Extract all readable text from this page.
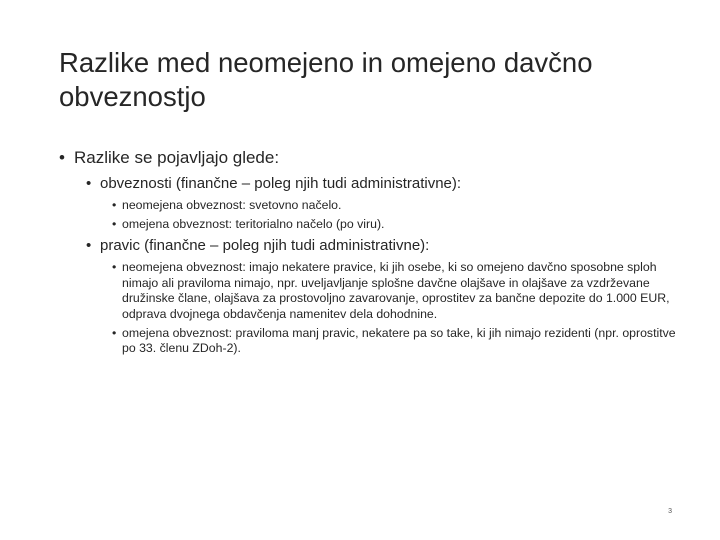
Razlike med neomejeno in omejeno davčno obveznostjo
• Razlike se pojavljajo glede:
• obveznosti (finančne – poleg njih tudi administrativne):
• neomejena obveznost: svetovno načelo.
• omejena obveznost: teritorialno načelo (po viru).
• pravic (finančne – poleg njih tudi administrativne):
• neomejena obveznost: imajo nekatere pravice, ki jih osebe, ki so omejeno davčno sposobne sploh nimajo ali praviloma nimajo, npr. uveljavljanje splošne davčne olajšave in olajšave za vzdrževane družinske člane, olajšava za prostovoljno zavarovanje, oprostitev za bančne depozite do 1.000 EUR, odprava dvojnega obdavčenja namenitev dela dohodnine.
• omejena obveznost: praviloma manj pravic, nekatere pa so take, ki jih nimajo rezidenti (npr. oprostitve po 33. členu ZDoh-2).
3
